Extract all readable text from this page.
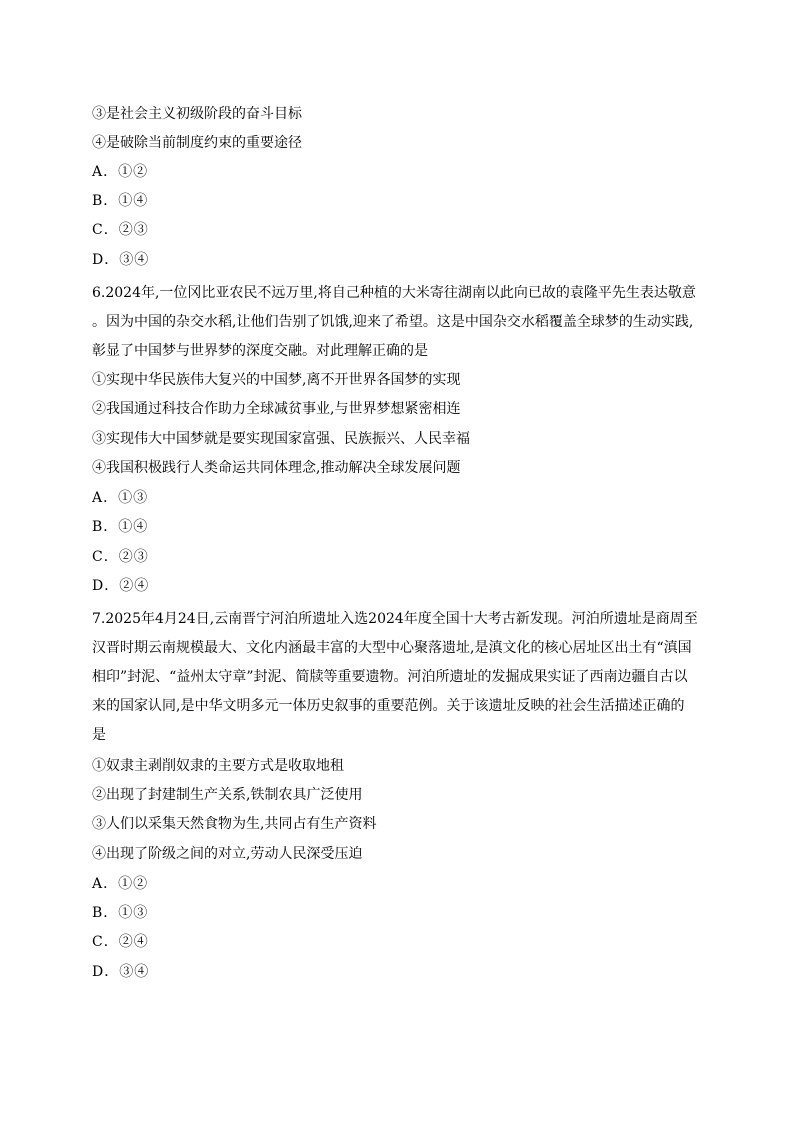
③是社会主义初级阶段的奋斗目标
④是破除当前制度约束的重要途径
A．①②
B．①④
C．②③
D．③④
6.2024年,一位冈比亚农民不远万里,将自己种植的大米寄往湖南以此向已故的袁隆平先生表达敬意
。因为中国的杂交水稻,让他们告别了饥饿,迎来了希望。这是中国杂交水稻覆盖全球梦的生动实践,
彰显了中国梦与世界梦的深度交融。对此理解正确的是
①实现中华民族伟大复兴的中国梦,离不开世界各国梦的实现
②我国通过科技合作助力全球减贫事业,与世界梦想紧密相连
③实现伟大中国梦就是要实现国家富强、民族振兴、人民幸福
④我国积极践行人类命运共同体理念,推动解决全球发展问题
A．①③
B．①④
C．②③
D．②④
7.2025年4月24日,云南晋宁河泊所遗址入选2024年度全国十大考古新发现。河泊所遗址是商周至
汉晋时期云南规模最大、文化内涵最丰富的大型中心聚落遗址,是滇文化的核心居址区出土有“滇国
相印”封泥、“益州太守章”封泥、简牍等重要遗物。河泊所遗址的发掘成果实证了西南边疆自古以
来的国家认同,是中华文明多元一体历史叙事的重要范例。关于该遗址反映的社会生活描述正确的
是
①奴隶主剥削奴隶的主要方式是收取地租
②出现了封建制生产关系,铁制农具广泛使用
③人们以采集天然食物为生,共同占有生产资料
④出现了阶级之间的对立,劳动人民深受压迫
A．①②
B．①③
C．②④
D．③④
